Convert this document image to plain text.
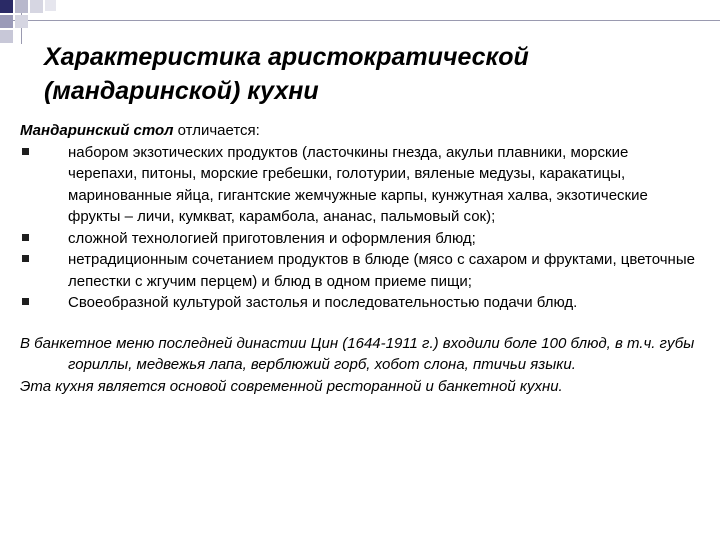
Характеристика аристократической
(мандаринской) кухни

Мандаринский стол отличается:

набором экзотических продуктов (ласточкины гнезда, акульи плавники, морские черепахи, питоны, морские гребешки, голотурии, вяленые медузы, каракатицы, маринованные яйца, гигантские жемчужные карпы, кунжутная халва, экзотические фрукты – личи, кумкват, карамбола, ананас, пальмовый сок);
сложной технологией приготовления и оформления блюд;
нетрадиционным сочетанием продуктов в блюде (мясо с сахаром и фруктами, цветочные лепестки с жгучим перцем) и блюд в одном приеме пищи;
Своеобразной культурой застолья и последовательностью подачи блюд.

В банкетное меню последней династии Цин (1644-1911 г.) входили боле 100 блюд, в т.ч. губы гориллы, медвежья лапа, верблюжий горб, хобот слона, птичьи языки.

Эта кухня является основой современной ресторанной и банкетной кухни.
